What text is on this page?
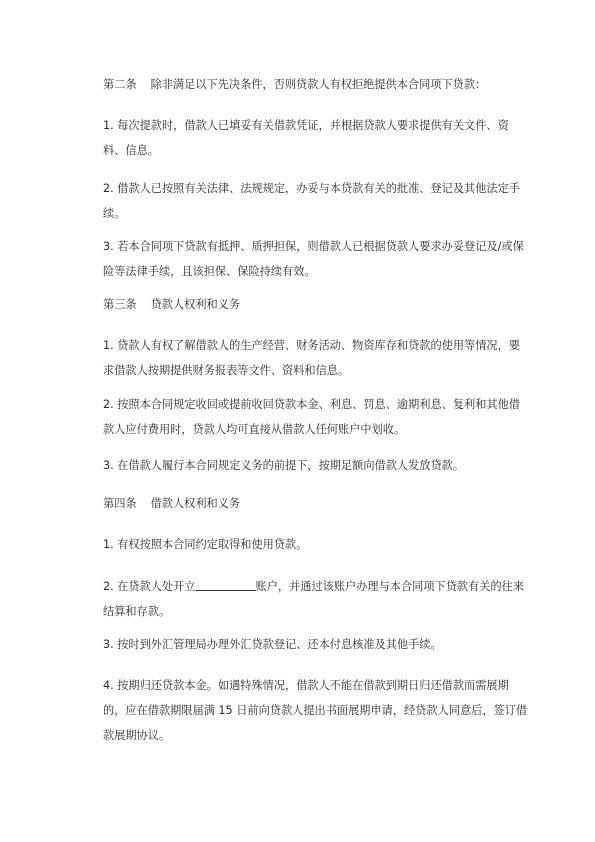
第二条 除非满足以下先决条件，否则贷款人有权拒绝提供本合同项下贷款：

1. 每次提款时，借款人已填妥有关借款凭证，并根据贷款人要求提供有关文件、资料、信息。

2. 借款人已按照有关法律、法规规定，办妥与本贷款有关的批准、登记及其他法定手续。

3. 若本合同项下贷款有抵押、质押担保，则借款人已根据贷款人要求办妥登记及/或保险等法律手续，且该担保、保险持续有效。

第三条 贷款人权利和义务

1. 贷款人有权了解借款人的生产经营、财务活动、物资库存和贷款的使用等情况，要求借款人按期提供财务报表等文件、资料和信息。

2. 按照本合同规定收回或提前收回贷款本金、利息、罚息、逾期利息、复利和其他借款人应付费用时，贷款人均可直接从借款人任何账户中划收。

3. 在借款人履行本合同规定义务的前提下，按期足额向借款人发放贷款。

第四条 借款人权利和义务

1. 有权按照本合同约定取得和使用贷款。

2. 在贷款人处开立	账户，并通过该账户办理与本合同项下贷款有关的往来结算和存款。

3. 按时到外汇管理局办理外汇贷款登记、还本付息核准及其他手续。

4. 按期归还贷款本金。如遇特殊情况，借款人不能在借款到期日归还借款而需展期的，应在借款期限届满 15 日前向贷款人提出书面展期申请，经贷款人同意后，签订借款展期协议。
